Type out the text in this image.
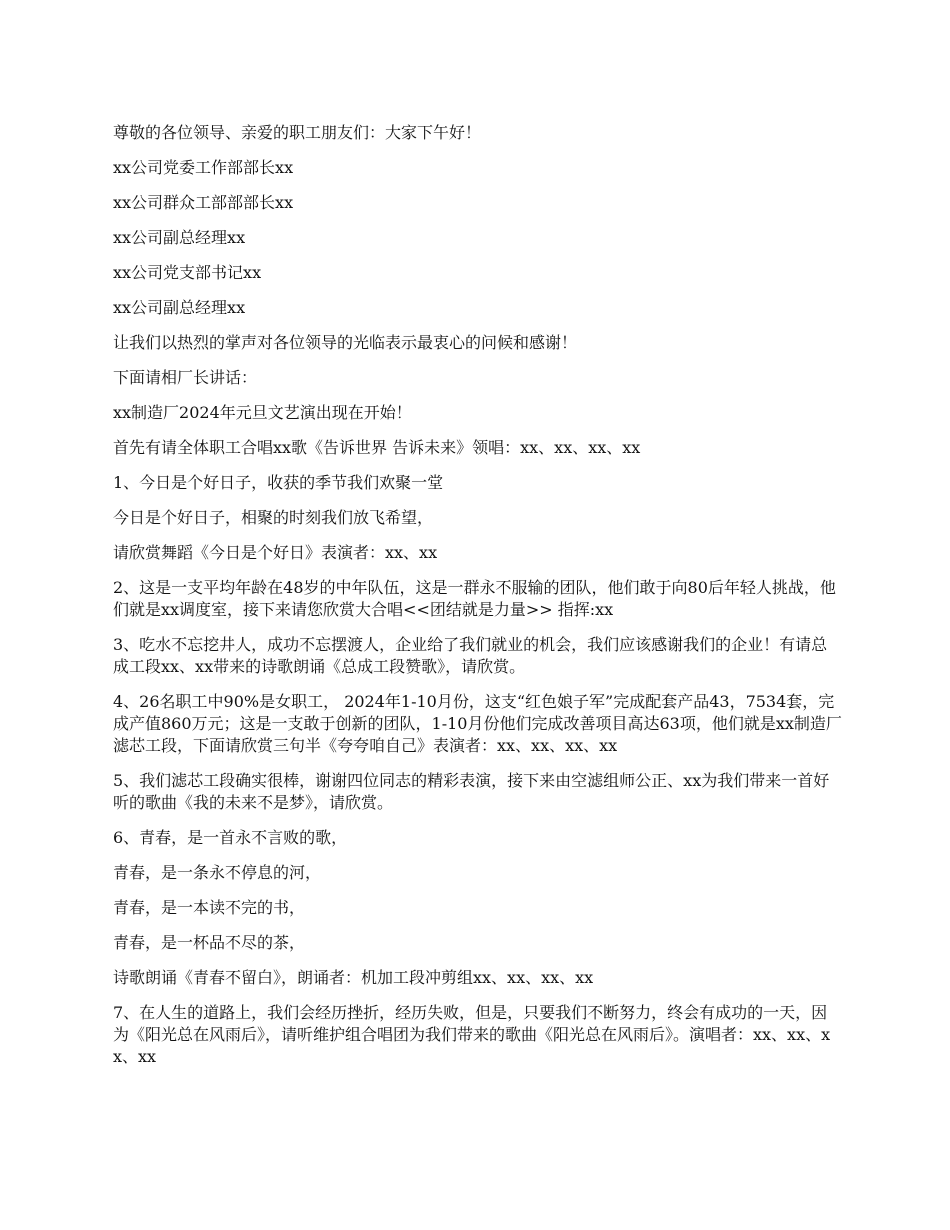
尊敬的各位领导、亲爱的职工朋友们：大家下午好！

xx公司党委工作部部长xx

xx公司群众工部部部长xx

xx公司副总经理xx

xx公司党支部书记xx

xx公司副总经理xx

让我们以热烈的掌声对各位领导的光临表示最衷心的问候和感谢！

下面请相厂长讲话：

xx制造厂2024年元旦文艺演出现在开始！

首先有请全体职工合唱xx歌《告诉世界 告诉未来》领唱：xx、xx、xx、xx

1、今日是个好日子，收获的季节我们欢聚一堂

今日是个好日子，相聚的时刻我们放飞希望，

请欣赏舞蹈《今日是个好日》表演者：xx、xx

2、这是一支平均年龄在48岁的中年队伍，这是一群永不服输的团队，他们敢于向80后年轻人挑战，他们就是xx调度室，接下来请您欣赏大合唱<<团结就是力量>> 指挥:xx

3、吃水不忘挖井人，成功不忘摆渡人，企业给了我们就业的机会，我们应该感谢我们的企业！有请总成工段xx、xx带来的诗歌朗诵《总成工段赞歌》，请欣赏。

4、26名职工中90%是女职工， 2024年1-10月份，这支“红色娘子军”完成配套产品43，7534套，完成产值860万元；这是一支敢于创新的团队，1-10月份他们完成改善项目高达63项，他们就是xx制造厂滤芯工段，下面请欣赏三句半《夸夸咱自己》表演者：xx、xx、xx、xx

5、我们滤芯工段确实很棒，谢谢四位同志的精彩表演，接下来由空滤组师公正、xx为我们带来一首好听的歌曲《我的未来不是梦》，请欣赏。

6、青春，是一首永不言败的歌，

青春，是一条永不停息的河，

青春，是一本读不完的书，

青春，是一杯品不尽的茶，

诗歌朗诵《青春不留白》，朗诵者：机加工段冲剪组xx、xx、xx、xx

7、在人生的道路上，我们会经历挫折，经历失败，但是，只要我们不断努力，终会有成功的一天，因为《阳光总在风雨后》，请听维护组合唱团为我们带来的歌曲《阳光总在风雨后》。演唱者：xx、xx、xx、xx
